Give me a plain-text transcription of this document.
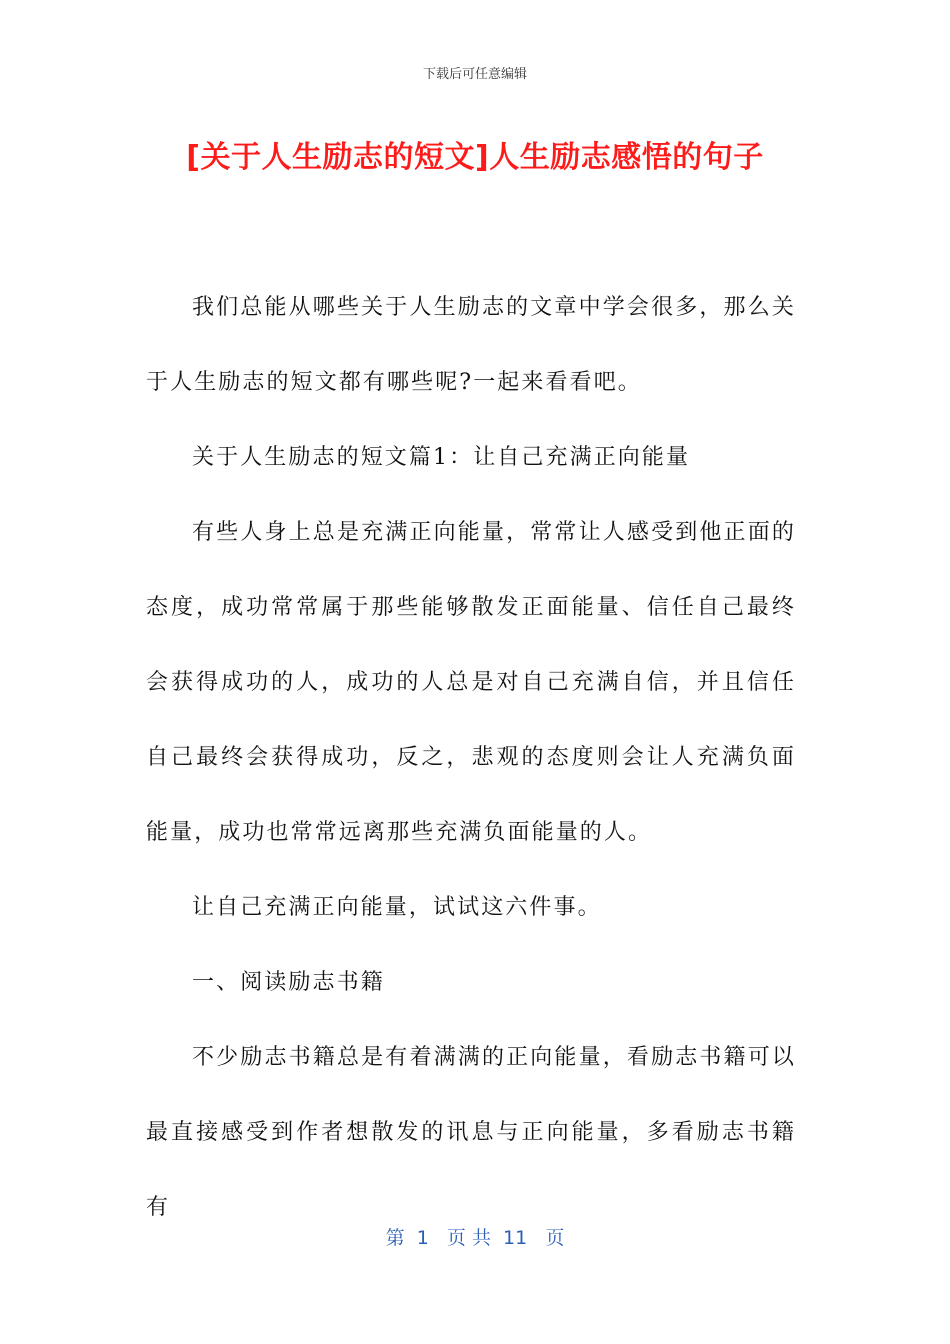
下载后可任意编辑
[关于人生励志的短文]人生励志感悟的句子

我们总能从哪些关于人生励志的文章中学会很多，那么关于人生励志的短文都有哪些呢?一起来看看吧。

关于人生励志的短文篇1：让自己充满正向能量

有些人身上总是充满正向能量，常常让人感受到他正面的态度，成功常常属于那些能够散发正面能量、信任自己最终会获得成功的人，成功的人总是对自己充满自信，并且信任自己最终会获得成功，反之，悲观的态度则会让人充满负面能量，成功也常常远离那些充满负面能量的人。

让自己充满正向能量，试试这六件事。

一、阅读励志书籍

不少励志书籍总是有着满满的正向能量，看励志书籍可以最直接感受到作者想散发的讯息与正向能量，多看励志书籍有

第  1   页 共  11   页
